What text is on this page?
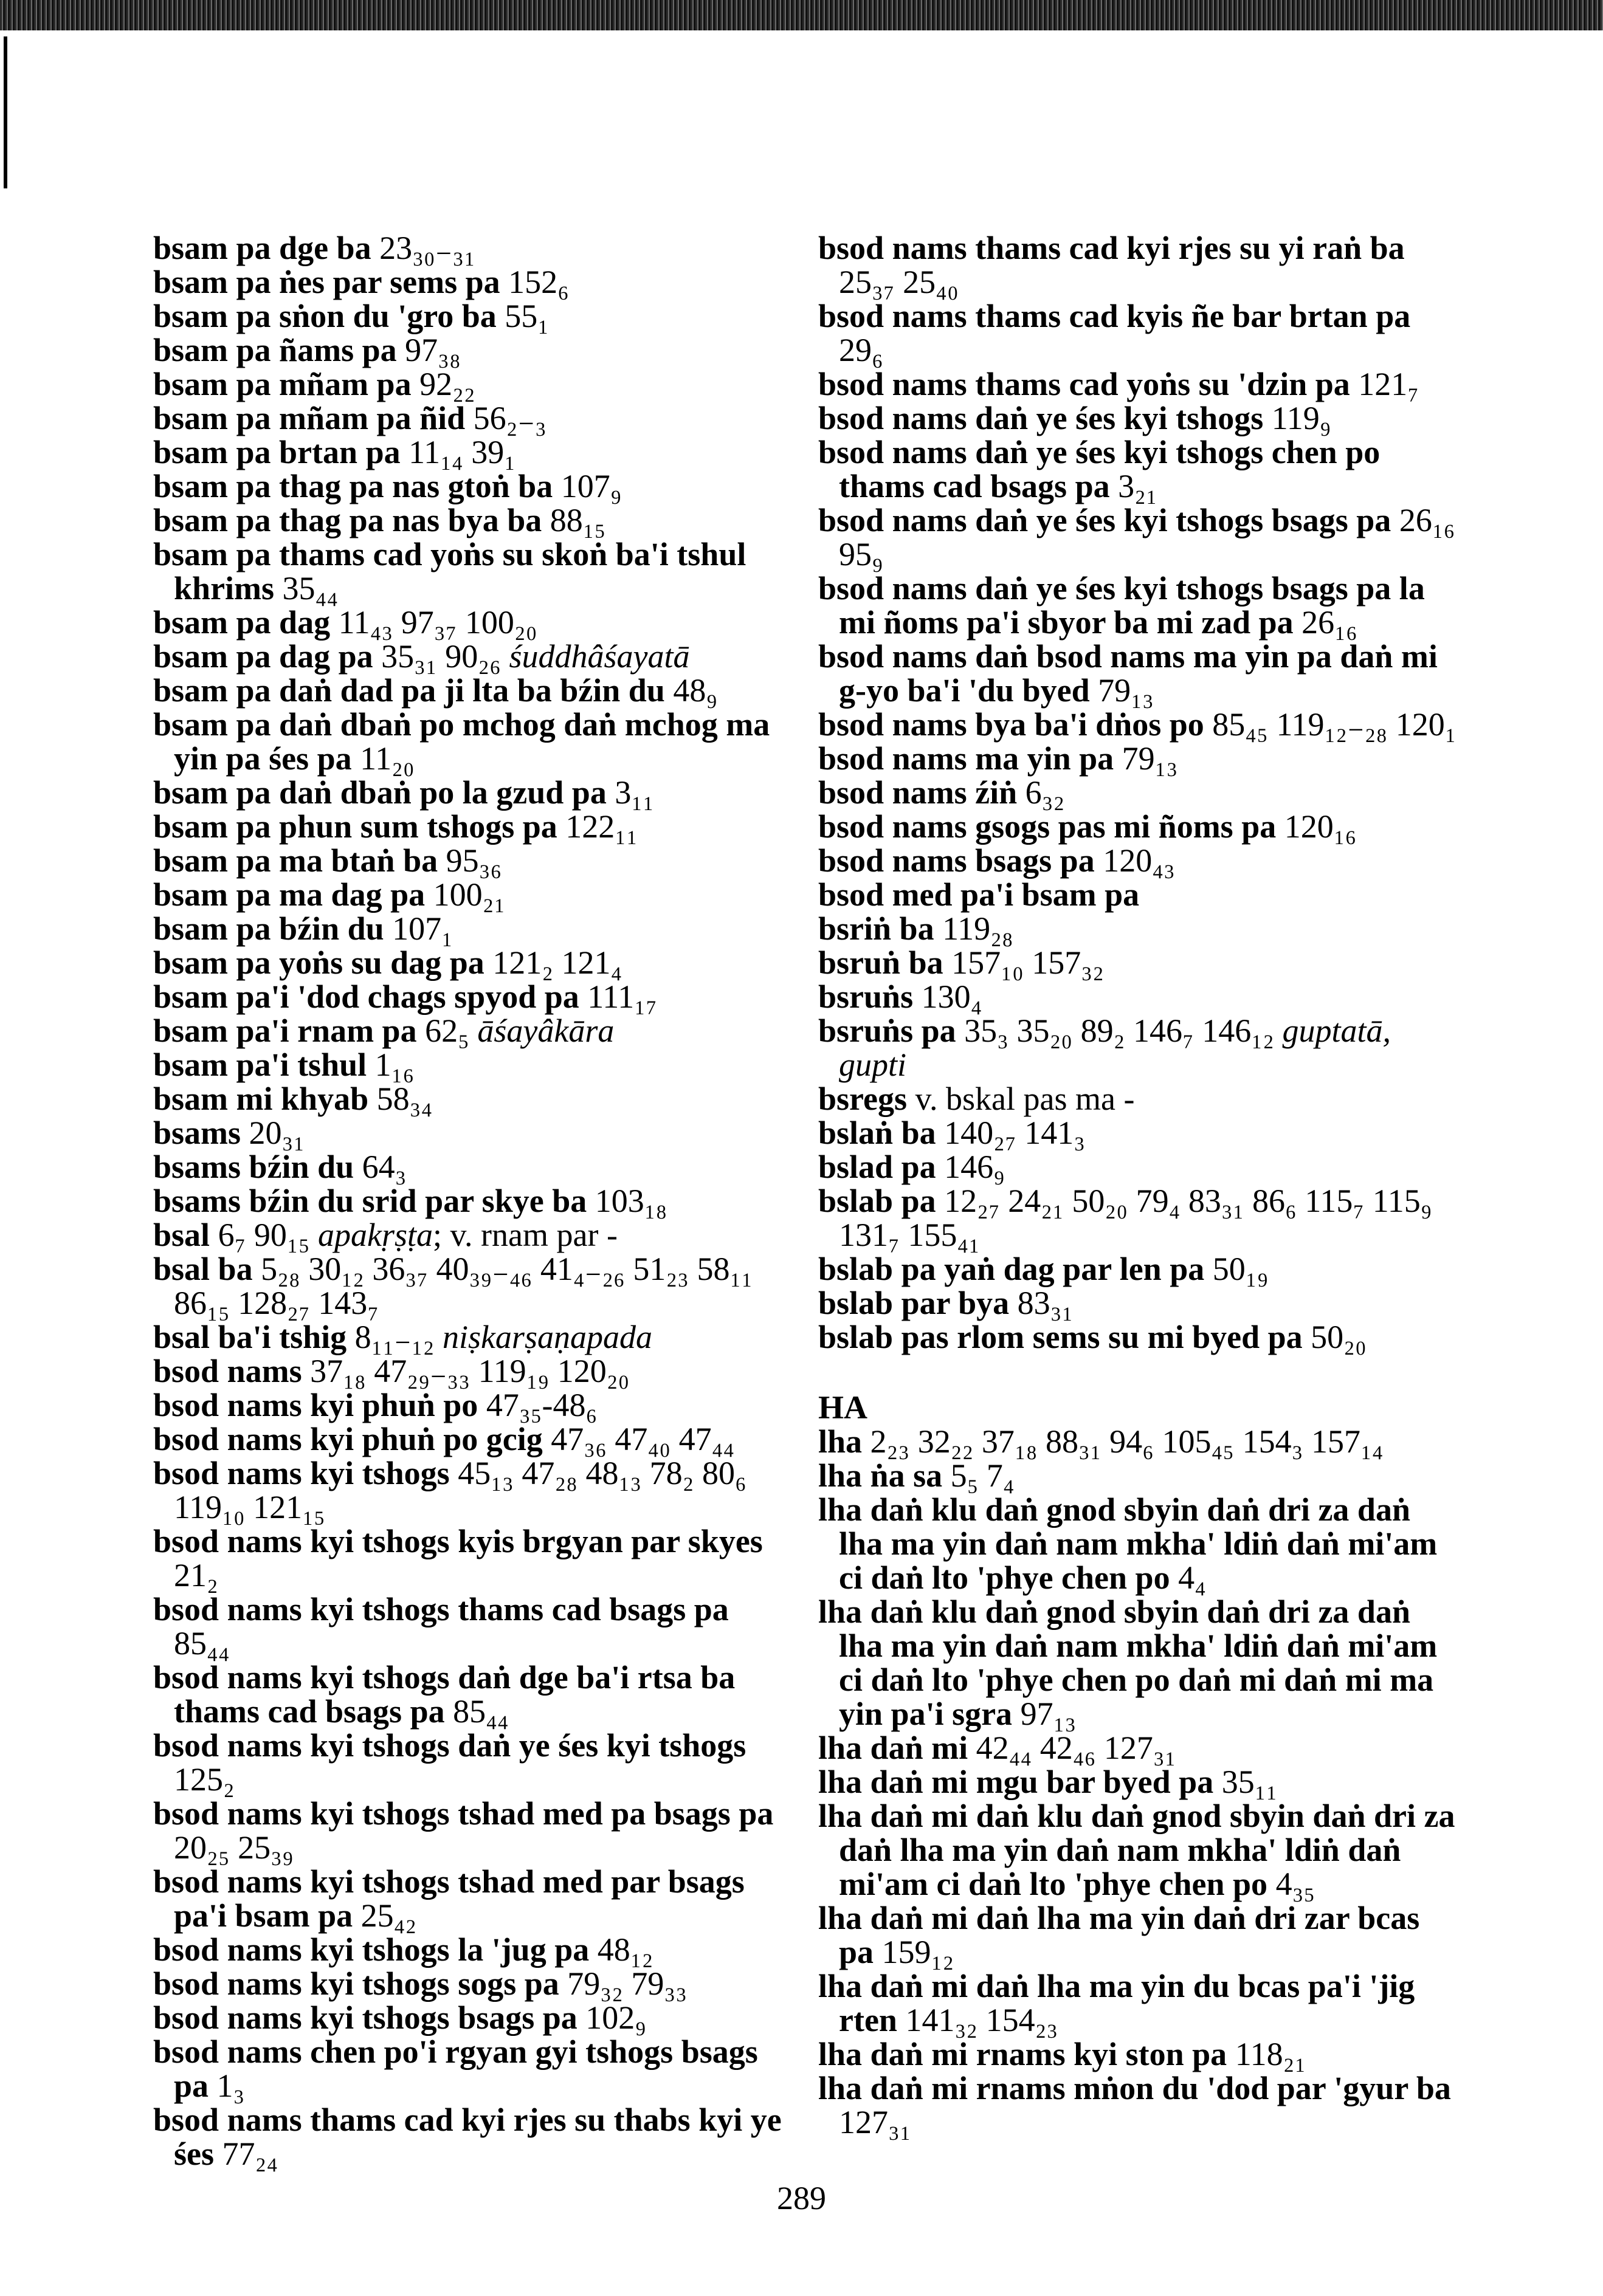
bsam pa dge ba 23₃₀₋₃₁

bsam pa ṅes par sems pa 152₆

bsam pa sṅon du 'gro ba 55₁

bsam pa ñams pa 97₃₈

bsam pa mñam pa 92₂₂

bsam pa mñam pa ñid 56₂₋₃

bsam pa brtan pa 11₁₄ 39₁

bsam pa thag pa nas gtoṅ ba 107₉

bsam pa thag pa nas bya ba 88₁₅

bsam pa thams cad yoṅs su skoṅ ba'i tshul khrims 35₄₄

bsam pa dag 11₄₃ 97₃₇ 100₂₀

bsam pa dag pa 35₃₁ 90₂₆ śuddhâśayatā

bsam pa daṅ dad pa ji lta ba bźin du 48₉

bsam pa daṅ dbaṅ po mchog daṅ mchog ma yin pa śes pa 11₂₀

bsam pa daṅ dbaṅ po la gzud pa 3₁₁

bsam pa phun sum tshogs pa 122₁₁

bsam pa ma btaṅ ba 95₃₆

bsam pa ma dag pa 100₂₁

bsam pa bźin du 107₁

bsam pa yoṅs su dag pa 121₂ 121₄

bsam pa'i 'dod chags spyod pa 111₁₇

bsam pa'i rnam pa 62₅ āśayâkāra

bsam pa'i tshul 1₁₆

bsam mi khyab 58₃₄

bsams 20₃₁

bsams bźin du 64₃

bsams bźin du srid par skye ba 103₁₈

bsal 6₇ 90₁₅ apakṛṣṭa; v. rnam par -

bsal ba 5₂₈ 30₁₂ 36₃₇ 40₃₉₋₄₆ 41₄₋₂₆ 51₂₃ 58₁₁ 86₁₅ 128₂₇ 143₇

bsal ba'i tshig 8₁₁₋₁₂ niṣkarṣaṇapada

bsod nams 37₁₈ 47₂₉₋₃₃ 119₁₉ 120₂₀

bsod nams kyi phuṅ po 47₃₅-48₆

bsod nams kyi phuṅ po gcig 47₃₆ 47₄₀ 47₄₄

bsod nams kyi tshogs 45₁₃ 47₂₈ 48₁₃ 78₂ 80₆ 119₁₀ 121₁₅

bsod nams kyi tshogs kyis brgyan par skyes 21₂

bsod nams kyi tshogs thams cad bsags pa 85₄₄

bsod nams kyi tshogs daṅ dge ba'i rtsa ba thams cad bsags pa 85₄₄

bsod nams kyi tshogs daṅ ye śes kyi tshogs 125₂

bsod nams kyi tshogs tshad med pa bsags pa 20₂₅ 25₃₉

bsod nams kyi tshogs tshad med par bsags pa'i bsam pa 25₄₂

bsod nams kyi tshogs la 'jug pa 48₁₂

bsod nams kyi tshogs sogs pa 79₃₂ 79₃₃

bsod nams kyi tshogs bsags pa 102₉

bsod nams chen po'i rgyan gyi tshogs bsags pa 1₃

bsod nams thams cad kyi rjes su thabs kyi ye śes 77₂₄

bsod nams thams cad kyi rjes su yi raṅ ba 25₃₇ 25₄₀

bsod nams thams cad kyis ñe bar brtan pa 29₆

bsod nams thams cad yoṅs su 'dzin pa 121₇

bsod nams daṅ ye śes kyi tshogs 119₉

bsod nams daṅ ye śes kyi tshogs chen po thams cad bsags pa 3₂₁

bsod nams daṅ ye śes kyi tshogs bsags pa 26₁₆ 95₉

bsod nams daṅ ye śes kyi tshogs bsags pa la mi ñoms pa'i sbyor ba mi zad pa 26₁₆

bsod nams daṅ bsod nams ma yin pa daṅ mi g-yo ba'i 'du byed 79₁₃

bsod nams bya ba'i dṅos po 85₄₅ 119₁₂₋₂₈ 120₁

bsod nams ma yin pa 79₁₃

bsod nams źiṅ 6₃₂

bsod nams gsogs pas mi ñoms pa 120₁₆

bsod nams bsags pa 120₄₃

bsod med pa'i bsam pa

bsriṅ ba 119₂₈

bsruṅ ba 157₁₀ 157₃₂

bsruṅs 130₄

bsruṅs pa 35₃ 35₂₀ 89₂ 146₇ 146₁₂ guptatā, gupti

bsregs v. bskal pas ma -

bslaṅ ba 140₂₇ 141₃

bslad pa 146₉

bslab pa 12₂₇ 24₂₁ 50₂₀ 79₄ 83₃₁ 86₆ 115₇ 115₉ 131₇ 155₄₁

bslab pa yaṅ dag par len pa 50₁₉

bslab par bya 83₃₁

bslab pas rlom sems su mi byed pa 50₂₀

HA

lha 2₂₃ 32₂₂ 37₁₈ 88₃₁ 94₆ 105₄₅ 154₃ 157₁₄

lha ṅa sa 5₅ 7₄

lha daṅ klu daṅ gnod sbyin daṅ dri za daṅ lha ma yin daṅ nam mkha' ldiṅ daṅ mi'am ci daṅ lto 'phye chen po 4₄

lha daṅ klu daṅ gnod sbyin daṅ dri za daṅ lha ma yin daṅ nam mkha' ldiṅ daṅ mi'am ci daṅ lto 'phye chen po daṅ mi daṅ mi ma yin pa'i sgra 97₁₃

lha daṅ mi 42₄₄ 42₄₆ 127₃₁

lha daṅ mi mgu bar byed pa 35₁₁

lha daṅ mi daṅ klu daṅ gnod sbyin daṅ dri za daṅ lha ma yin daṅ nam mkha' ldiṅ daṅ mi'am ci daṅ lto 'phye chen po 4₃₅

lha daṅ mi daṅ lha ma yin daṅ dri zar bcas pa 159₁₂

lha daṅ mi daṅ lha ma yin du bcas pa'i 'jig rten 141₃₂ 154₂₃

lha daṅ mi rnams kyi ston pa 118₂₁

lha daṅ mi rnams mṅon du 'dod par 'gyur ba 127₃₁

289
